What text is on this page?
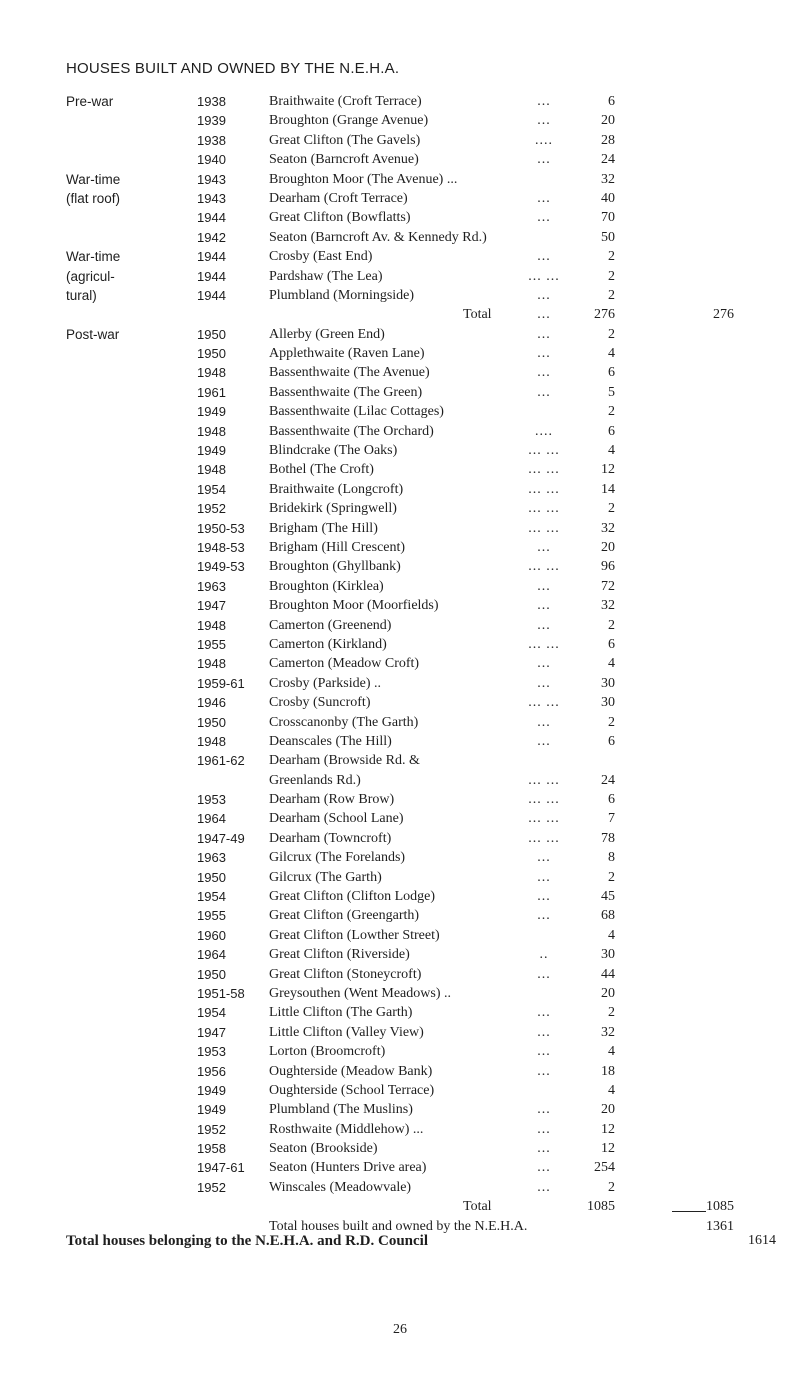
HOUSES BUILT AND OWNED BY THE N.E.H.A.
Pre-war	1938	Braithwaite (Croft Terrace)	...	6
1939	Broughton (Grange Avenue)	...	20
1938	Great Clifton (The Gavels)	....	28
1940	Seaton (Barncroft Avenue)	...	24
War-time	1943	Broughton Moor (The Avenue) ...	32
(flat roof)	1943	Dearham (Croft Terrace)	...	40
1944	Great Clifton (Bowflatts)	...	70
1942	Seaton (Barncroft Av. & Kennedy Rd.)	50
War-time	1944	Crosby (East End)	...	2
(agricul-	1944	Pardshaw (The Lea)	... ...	2
tural)	1944	Plumbland (Morningside)	...	2
Total	...	276	276
Post-war	1950	Allerby (Green End)	...	2
1950	Applethwaite (Raven Lane)	...	4
1948	Bassenthwaite (The Avenue)	...	6
1961	Bassenthwaite (The Green)	...	5
1949	Bassenthwaite (Lilac Cottages)	2
1948	Bassenthwaite (The Orchard)	....	6
1949	Blindcrake (The Oaks)	... ...	4
1948	Bothel (The Croft)	... ...	12
1954	Braithwaite (Longcroft)	... ...	14
1952	Bridekirk (Springwell)	... ...	2
1950-53 Brigham (The Hill)	... ...	32
1948-53 Brigham (Hill Crescent)	...	20
1949-53 Broughton (Ghyllbank)	... ...	96
1963	Broughton (Kirklea)	...	72
1947	Broughton Moor (Moorfields)	...	32
1948	Camerton (Greenend)	...	2
1955	Camerton (Kirkland)	... ...	6
1948	Camerton (Meadow Croft)	...	4
1959-61 Crosby (Parkside) ..	...	30
1946	Crosby (Suncroft)	... ...	30
1950	Crosscanonby (The Garth)	...	2
1948	Deanscales (The Hill)	...	6
1961-62 Dearham (Browside Rd. &
Greenlands Rd.)	... ...	24
1953	Dearham (Row Brow)	... ...	6
1964	Dearham (School Lane)	... ...	7
1947-49 Dearham (Towncroft)	... ...	78
1963	Gilcrux (The Forelands)	...	8
1950	Gilcrux (The Garth)	...	2
1954	Great Clifton (Clifton Lodge)	...	45
1955	Great Clifton (Greengarth)	...	68
1960	Great Clifton (Lowther Street)	4
1964	Great Clifton (Riverside)	..	30
1950	Great Clifton (Stoneycroft)	...	44
1951-58 Greysouthen (Went Meadows) ..	20
1954	Little Clifton (The Garth)	...	2
1947	Little Clifton (Valley View)	...	32
1953	Lorton (Broomcroft)	...	4
1956	Oughterside (Meadow Bank)	...	18
1949	Oughterside (School Terrace)	4
1949	Plumbland (The Muslins)	...	20
1952	Rosthwaite (Middlehow) ...	...	12
1958	Seaton (Brookside)	...	12
1947-61 Seaton (Hunters Drive area)	...	254
1952	Winscales (Meadowvale)	...	2
Total	1085	1085
Total houses built and owned by the N.E.H.A.	1361
Total houses belonging to the N.E.H.A. and R.D. Council	1614
26
